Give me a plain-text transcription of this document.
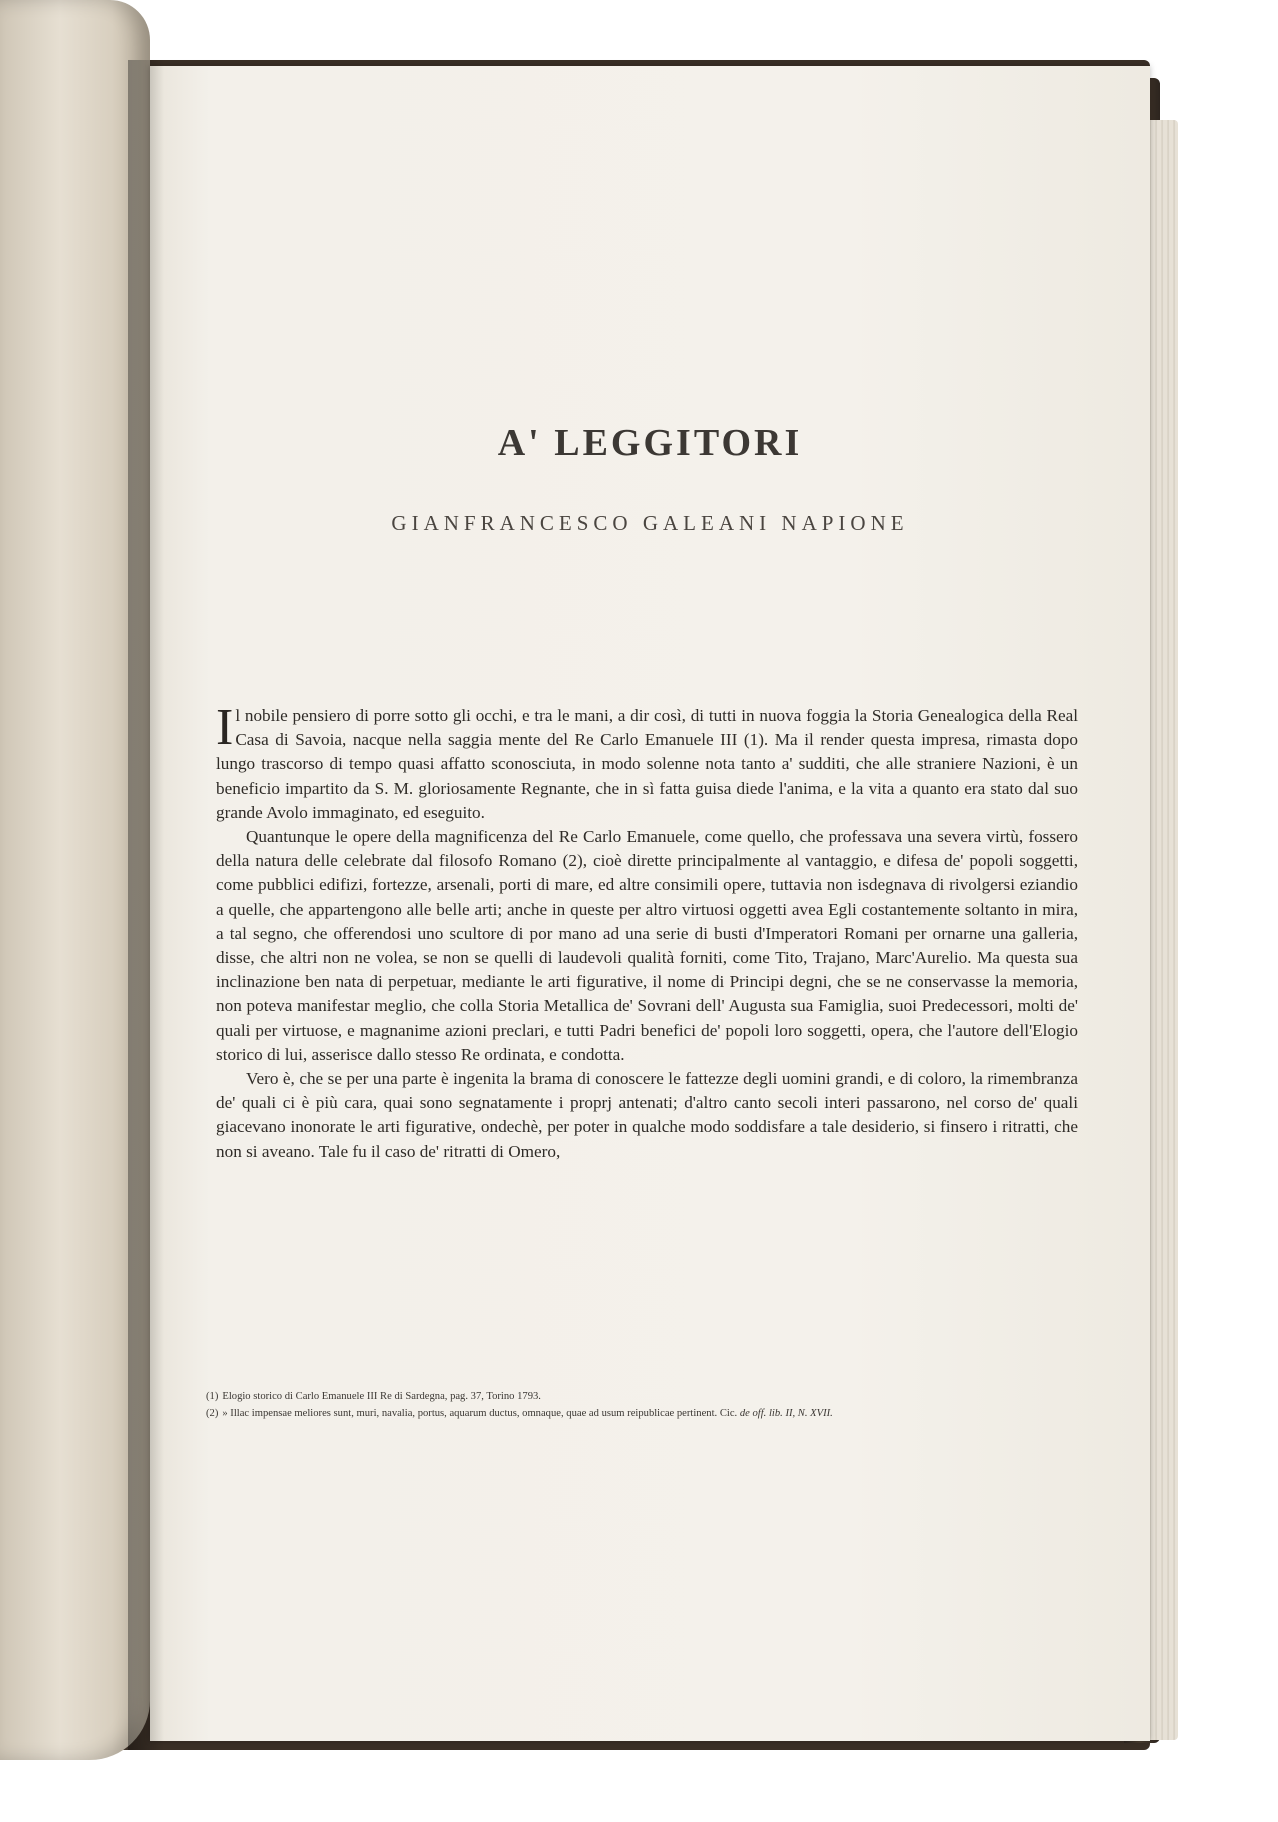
A' LEGGITORI
GIANFRANCESCO GALEANI NAPIONE

Il nobile pensiero di porre sotto gli occhi, e tra le mani, a dir così, di tutti in nuova foggia la Storia Genealogica della Real Casa di Savoia, nacque nella saggia mente del Re Carlo Emanuele III (1). Ma il render questa impresa, rimasta dopo lungo trascorso di tempo quasi affatto sconosciuta, in modo solenne nota tanto a' sudditi, che alle straniere Nazioni, è un beneficio impartito da S. M. gloriosamente Regnante, che in sì fatta guisa diede l'anima, e la vita a quanto era stato dal suo grande Avolo immaginato, ed eseguito.

Quantunque le opere della magnificenza del Re Carlo Emanuele, come quello, che professava una severa virtù, fossero della natura delle celebrate dal filosofo Romano (2), cioè dirette principalmente al vantaggio, e difesa de' popoli soggetti, come pubblici edifizi, fortezze, arsenali, porti di mare, ed altre consimili opere, tuttavia non isdegnava di rivolgersi eziandio a quelle, che appartengono alle belle arti; anche in queste per altro virtuosi oggetti avea Egli costantemente soltanto in mira, a tal segno, che offerendosi uno scultore di por mano ad una serie di busti d'Imperatori Romani per ornarne una galleria, disse, che altri non ne volea, se non se quelli di laudevoli qualità forniti, come Tito, Trajano, Marc'Aurelio. Ma questa sua inclinazione ben nata di perpetuar, mediante le arti figurative, il nome di Principi degni, che se ne conservasse la memoria, non poteva manifestar meglio, che colla Storia Metallica de' Sovrani dell' Augusta sua Famiglia, suoi Predecessori, molti de' quali per virtuose, e magnanime azioni preclari, e tutti Padri benefici de' popoli loro soggetti, opera, che l'autore dell'Elogio storico di lui, asserisce dallo stesso Re ordinata, e condotta.

Vero è, che se per una parte è ingenita la brama di conoscere le fattezze degli uomini grandi, e di coloro, la rimembranza de' quali ci è più cara, quai sono segnatamente i proprj antenati; d'altro canto secoli interi passarono, nel corso de' quali giacevano inonorate le arti figurative, ondechè, per poter in qualche modo soddisfare a tale desiderio, si finsero i ritratti, che non si aveano. Tale fu il caso de' ritratti di Omero,

(1) Elogio storico di Carlo Emanuele III Re di Sardegna, pag. 37, Torino 1793.
(2) » Illac impensae meliores sunt, muri, navalia, portus, aquarum ductus, omnaque, quae ad usum reipublicae pertinent. Cic. de off. lib. II, N. XVII.
